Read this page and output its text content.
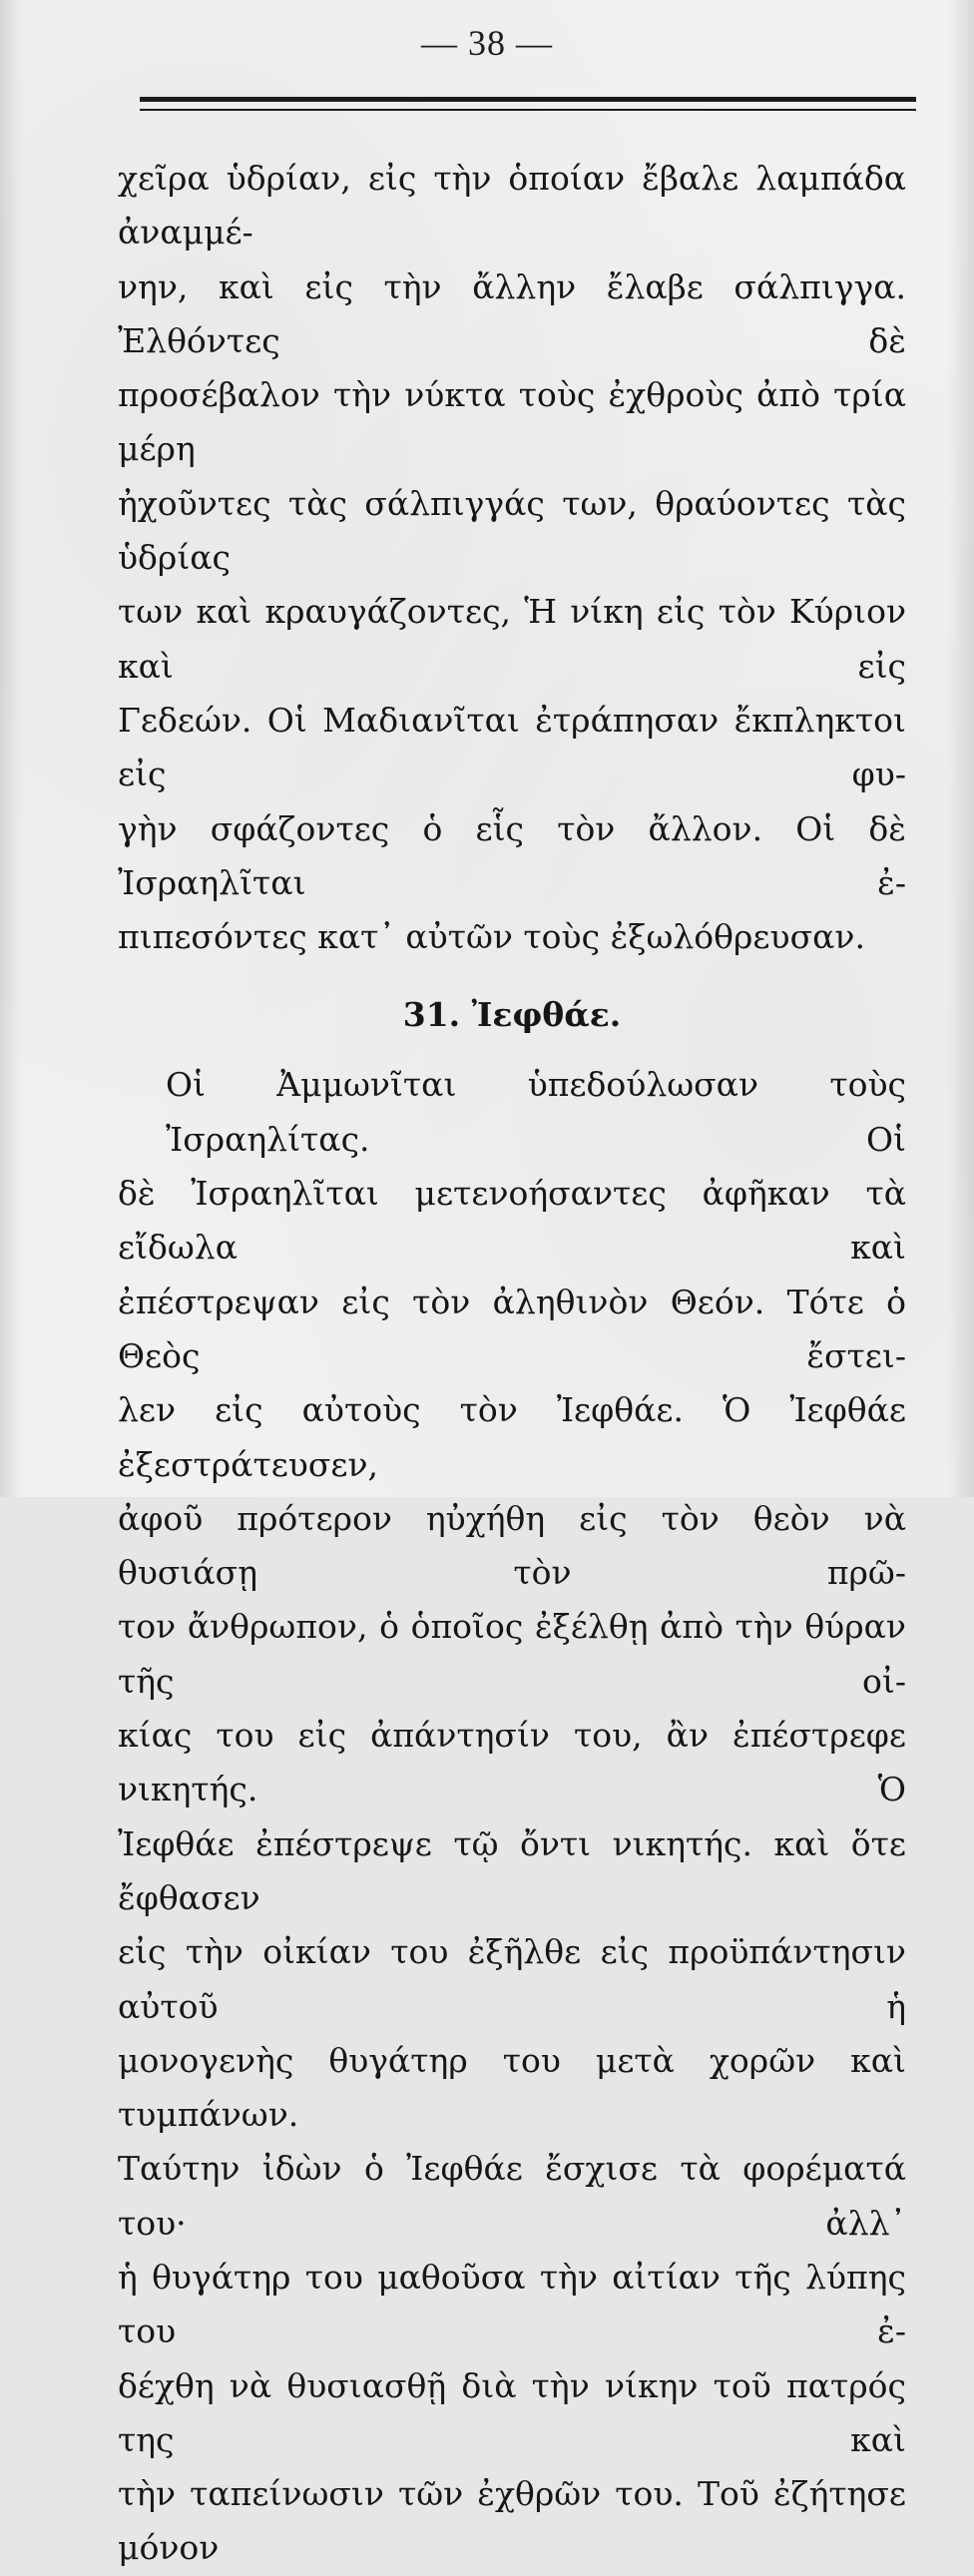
— 38 —
χεῖρα ὑδρίαν, εἰς τὴν ὁποίαν ἔβαλε λαμπάδα ἀναμμέ-
νην, καὶ εἰς τὴν ἄλλην ἔλαβε σάλπιγγα. Ἐλθόντες δὲ
προσέβαλον τὴν νύκτα τοὺς ἐχθροὺς ἀπὸ τρία μέρη
ἠχοῦντες τὰς σάλπιγγάς των, θραύοντες τὰς ὑδρίας
των καὶ κραυγάζοντες, Ἡ νίκη εἰς τὸν Κύριον καὶ εἰς
Γεδεών. Οἱ Μαδιανῖται ἐτράπησαν ἔκπληκτοι εἰς φυ-
γὴν σφάζοντες ὁ εἷς τὸν ἄλλον. Οἱ δὲ Ἰσραηλῖται ἐ-
πιπεσόντες κατ᾽ αὐτῶν τοὺς ἐξωλόθρευσαν.
31. Ἰεφθάε.
Οἱ Ἀμμωνῖται ὑπεδούλωσαν τοὺς Ἰσραηλίτας. Οἱ
δὲ Ἰσραηλῖται μετενοήσαντες ἀφῆκαν τὰ εἴδωλα καὶ
ἐπέστρεψαν εἰς τὸν ἀληθινὸν Θεόν. Τότε ὁ Θεὸς ἔστει-
λεν εἰς αὐτοὺς τὸν Ἰεφθάε. Ὁ Ἰεφθάε ἐξεστράτευσεν,
ἀφοῦ πρότερον ηὐχήθη εἰς τὸν θεὸν νὰ θυσιάσῃ τὸν πρῶ-
τον ἄνθρωπον, ὁ ὁποῖος ἐξέλθῃ ἀπὸ τὴν θύραν τῆς οἰ-
κίας του εἰς ἀπάντησίν του, ἂν ἐπέστρεφε νικητής. Ὁ
Ἰεφθάε ἐπέστρεψε τῷ ὄντι νικητής. καὶ ὅτε ἔφθασεν
εἰς τὴν οἰκίαν του ἐξῆλθε εἰς προϋπάντησιν αὐτοῦ ἡ
μονογενὴς θυγάτηρ του μετὰ χορῶν καὶ τυμπάνων.
Ταύτην ἰδὼν ὁ Ἰεφθάε ἔσχισε τὰ φορέματά του· ἀλλ᾽
ἡ θυγάτηρ του μαθοῦσα τὴν αἰτίαν τῆς λύπης του ἐ-
δέχθη νὰ θυσιασθῇ διὰ τὴν νίκην τοῦ πατρός της καὶ
τὴν ταπείνωσιν τῶν ἐχθρῶν του. Τοῦ ἐζήτησε μόνον
